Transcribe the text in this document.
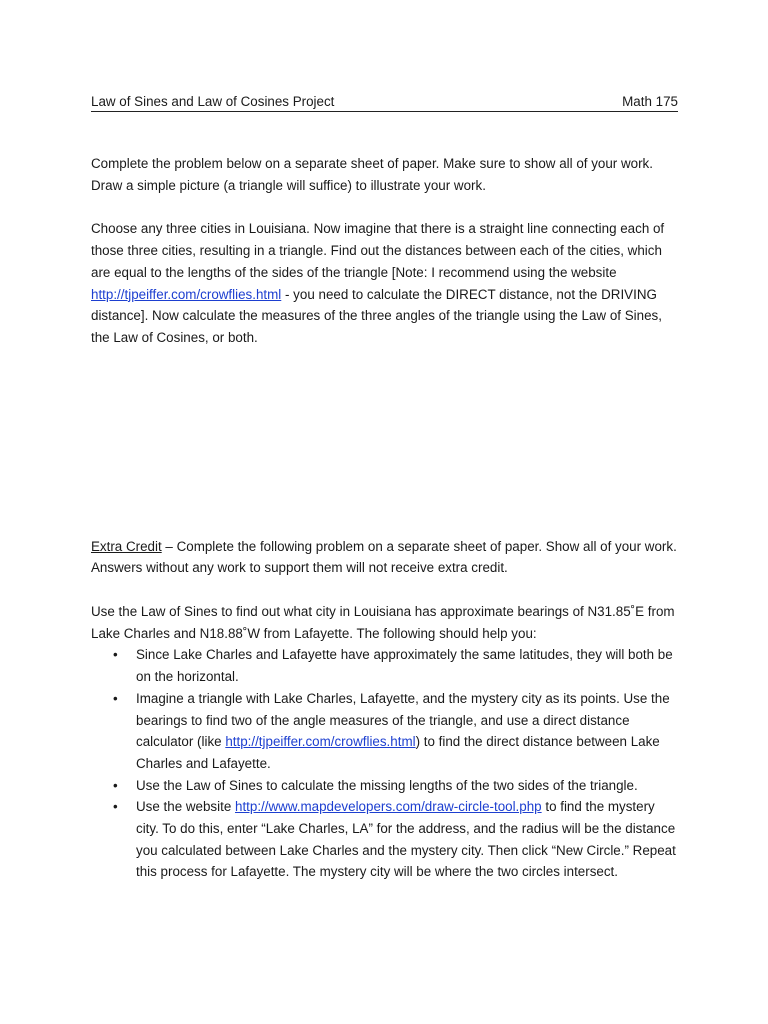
Law of Sines and Law of Cosines Project	Math 175

Complete the problem below on a separate sheet of paper. Make sure to show all of your work. Draw a simple picture (a triangle will suffice) to illustrate your work.

Choose any three cities in Louisiana. Now imagine that there is a straight line connecting each of those three cities, resulting in a triangle. Find out the distances between each of the cities, which are equal to the lengths of the sides of the triangle [Note: I recommend using the website http://tjpeiffer.com/crowflies.html - you need to calculate the DIRECT distance, not the DRIVING distance]. Now calculate the measures of the three angles of the triangle using the Law of Sines, the Law of Cosines, or both.

Extra Credit – Complete the following problem on a separate sheet of paper. Show all of your work. Answers without any work to support them will not receive extra credit.

Use the Law of Sines to find out what city in Louisiana has approximate bearings of N31.85˚E from Lake Charles and N18.88˚W from Lafayette. The following should help you:

• Since Lake Charles and Lafayette have approximately the same latitudes, they will both be on the horizontal.
• Imagine a triangle with Lake Charles, Lafayette, and the mystery city as its points. Use the bearings to find two of the angle measures of the triangle, and use a direct distance calculator (like http://tjpeiffer.com/crowflies.html) to find the direct distance between Lake Charles and Lafayette.
• Use the Law of Sines to calculate the missing lengths of the two sides of the triangle.
• Use the website http://www.mapdevelopers.com/draw-circle-tool.php to find the mystery city. To do this, enter “Lake Charles, LA” for the address, and the radius will be the distance you calculated between Lake Charles and the mystery city. Then click “New Circle.” Repeat this process for Lafayette. The mystery city will be where the two circles intersect.
